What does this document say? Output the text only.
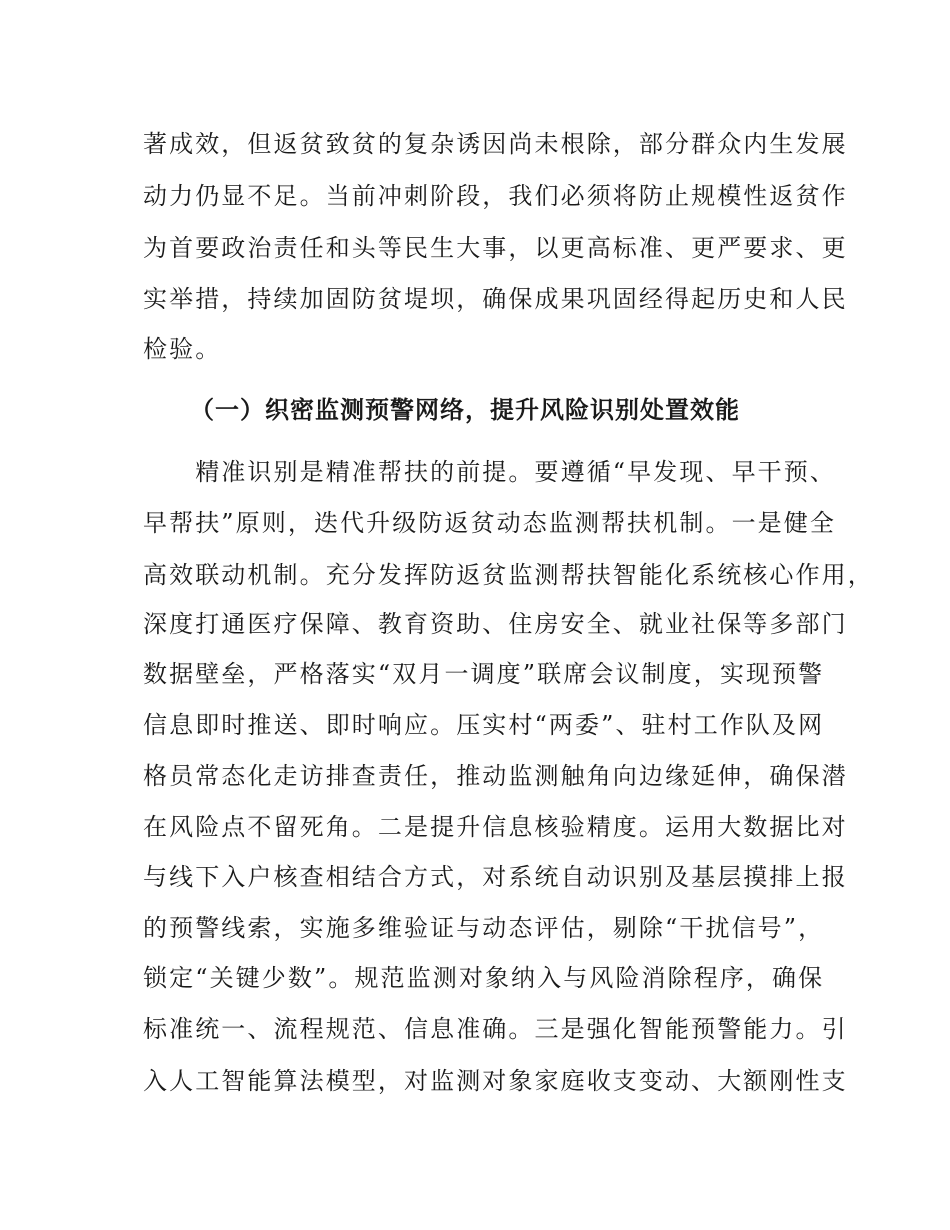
著成效，但返贫致贫的复杂诱因尚未根除，部分群众内生发展
动力仍显不足。当前冲刺阶段，我们必须将防止规模性返贫作
为首要政治责任和头等民生大事，以更高标准、更严要求、更
实举措，持续加固防贫堤坝，确保成果巩固经得起历史和人民
检验。
（一）织密监测预警网络，提升风险识别处置效能
　　精准识别是精准帮扶的前提。要遵循“早发现、早干预、
早帮扶”原则，迭代升级防返贫动态监测帮扶机制。一是健全
高效联动机制。充分发挥防返贫监测帮扶智能化系统核心作用，
深度打通医疗保障、教育资助、住房安全、就业社保等多部门
数据壁垒，严格落实“双月一调度”联席会议制度，实现预警
信息即时推送、即时响应。压实村“两委”、驻村工作队及网
格员常态化走访排查责任，推动监测触角向边缘延伸，确保潜
在风险点不留死角。二是提升信息核验精度。运用大数据比对
与线下入户核查相结合方式，对系统自动识别及基层摸排上报
的预警线索，实施多维验证与动态评估，剔除“干扰信号”，
锁定“关键少数”。规范监测对象纳入与风险消除程序，确保
标准统一、流程规范、信息准确。三是强化智能预警能力。引
入人工智能算法模型，对监测对象家庭收支变动、大额刚性支
